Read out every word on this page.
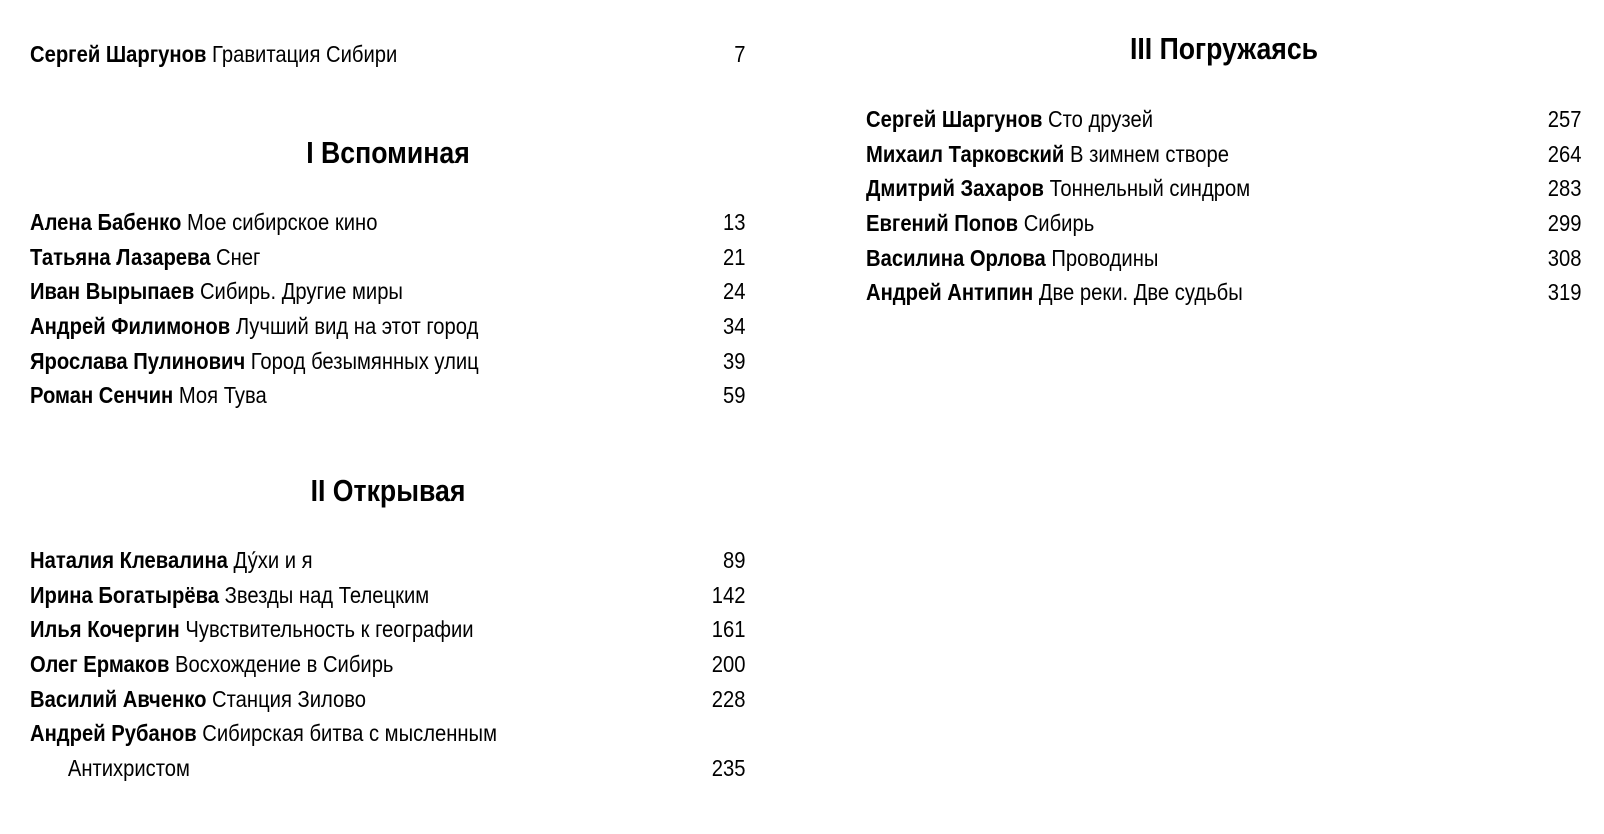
Сергей Шаргунов Гравитация Сибири	7
I Вспоминая
Алена Бабенко Мое сибирское кино	13
Татьяна Лазарева Снег	21
Иван Вырыпаев Сибирь. Другие миры	24
Андрей Филимонов Лучший вид на этот город	34
Ярослава Пулинович Город безымянных улиц	39
Роман Сенчин Моя Тува	59
II Открывая
Наталия Клевалина Ду́хи и я	89
Ирина Богатырёва Звезды над Телецким	142
Илья Кочергин Чувствительность к географии	161
Олег Ермаков Восхождение в Сибирь	200
Василий Авченко Станция Зилово	228
Андрей Рубанов Сибирская битва с мысленным
Антихристом	235
III Погружаясь
Сергей Шаргунов Сто друзей	257
Михаил Тарковский В зимнем створе	264
Дмитрий Захаров Тоннельный синдром	283
Евгений Попов Сибирь	299
Василина Орлова Проводины	308
Андрей Антипин Две реки. Две судьбы	319
